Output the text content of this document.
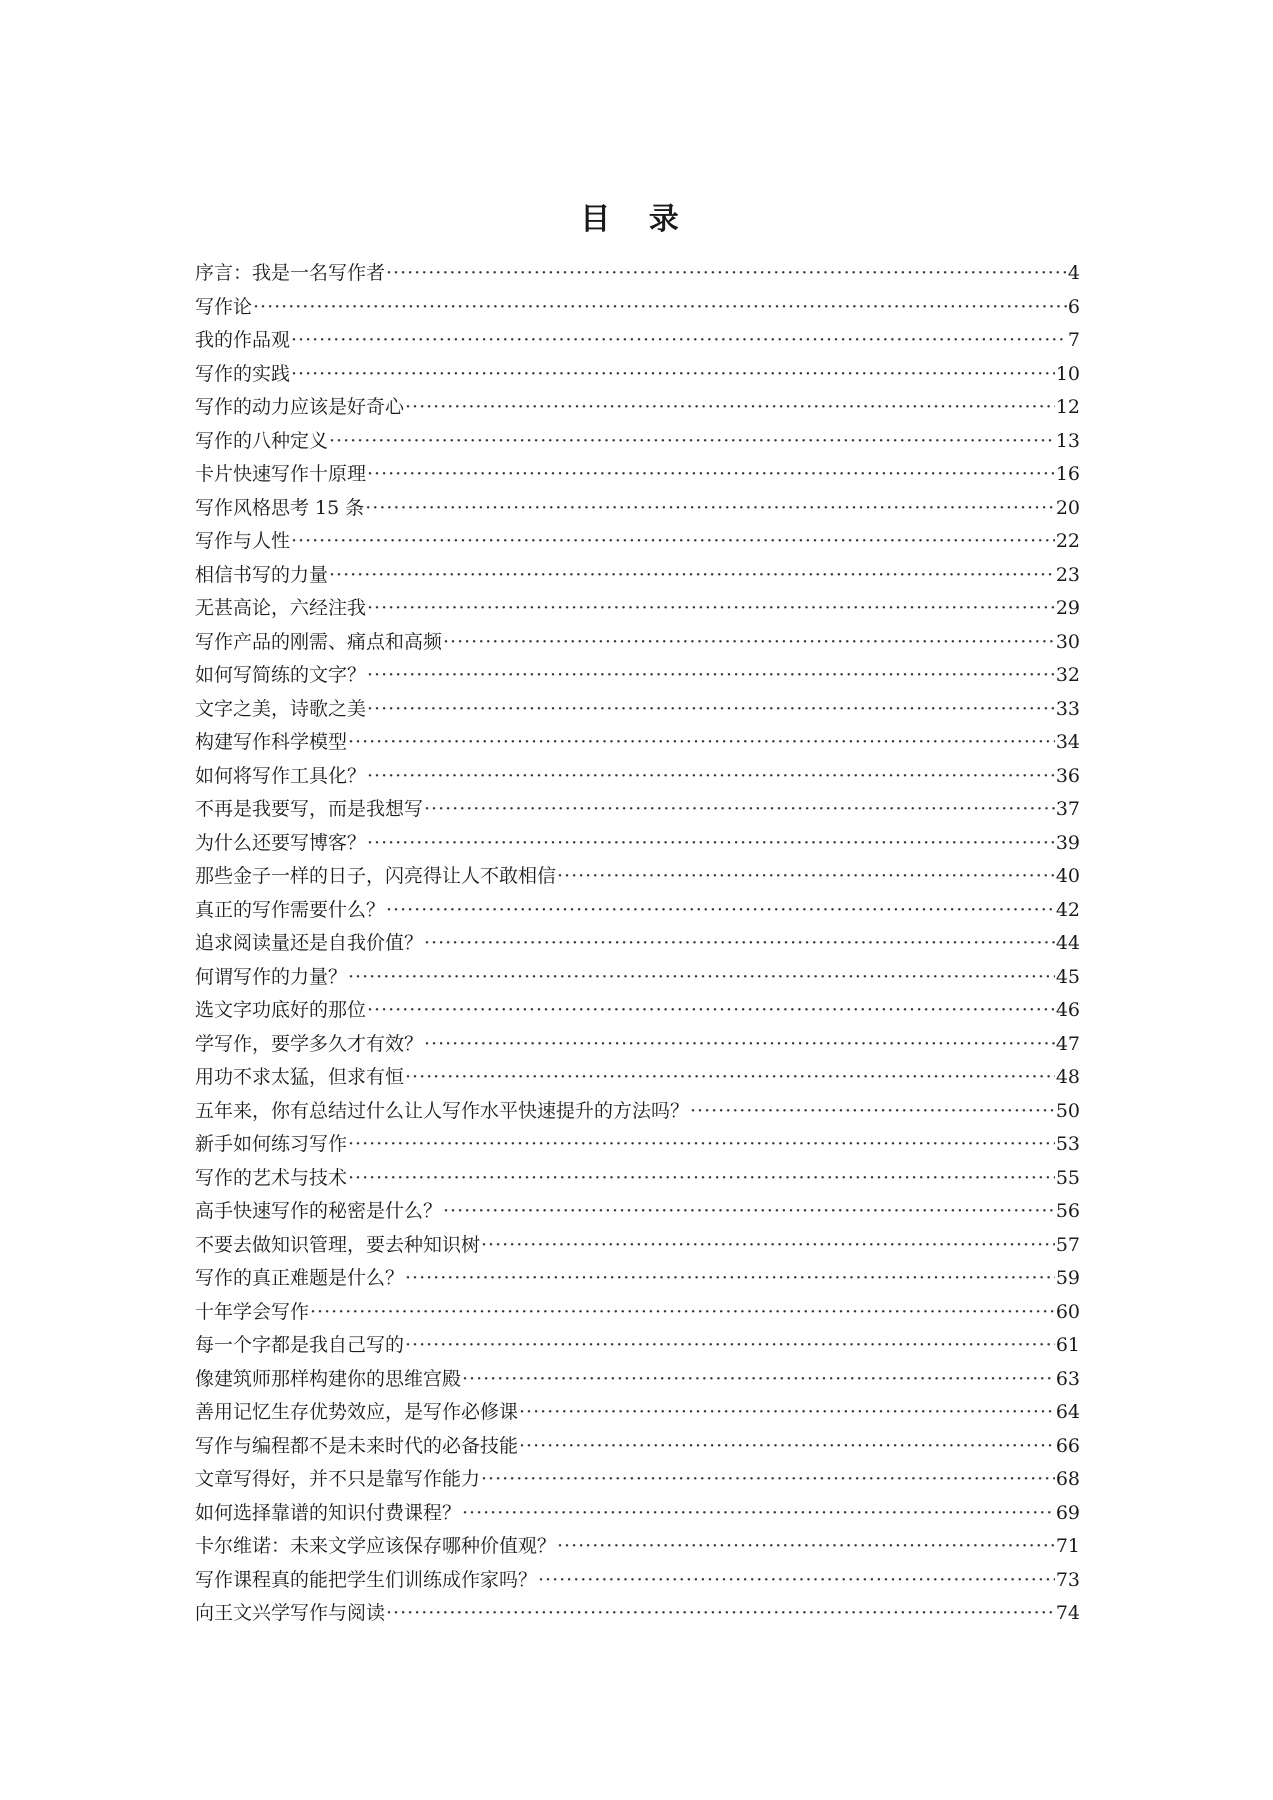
目 录
序言：我是一名写作者 ·····	4
写作论 ·····	6
我的作品观 ·····	7
写作的实践 ·····	10
写作的动力应该是好奇心 ·····	12
写作的八种定义 ·····	13
卡片快速写作十原理 ·····	16
写作风格思考 15 条 ·····	20
写作与人性 ·····	22
相信书写的力量 ·····	23
无甚高论，六经注我 ·····	29
写作产品的刚需、痛点和高频 ·····	30
如何写简练的文字？ ·····	32
文字之美，诗歌之美 ·····	33
构建写作科学模型 ·····	34
如何将写作工具化？ ·····	36
不再是我要写，而是我想写 ·····	37
为什么还要写博客？ ·····	39
那些金子一样的日子，闪亮得让人不敢相信 ·····	40
真正的写作需要什么？ ·····	42
追求阅读量还是自我价值？ ·····	44
何谓写作的力量？ ·····	45
选文字功底好的那位 ·····	46
学写作，要学多久才有效？ ·····	47
用功不求太猛，但求有恒 ·····	48
五年来，你有总结过什么让人写作水平快速提升的方法吗？ ·····	50
新手如何练习写作 ·····	53
写作的艺术与技术 ·····	55
高手快速写作的秘密是什么？ ·····	56
不要去做知识管理，要去种知识树 ·····	57
写作的真正难题是什么？ ·····	59
十年学会写作 ·····	60
每一个字都是我自己写的 ·····	61
像建筑师那样构建你的思维宫殿 ·····	63
善用记忆生存优势效应，是写作必修课 ·····	64
写作与编程都不是未来时代的必备技能 ·····	66
文章写得好，并不只是靠写作能力 ·····	68
如何选择靠谱的知识付费课程？ ·····	69
卡尔维诺：未来文学应该保存哪种价值观？ ·····	71
写作课程真的能把学生们训练成作家吗？ ·····	73
向王文兴学写作与阅读 ·····	74
